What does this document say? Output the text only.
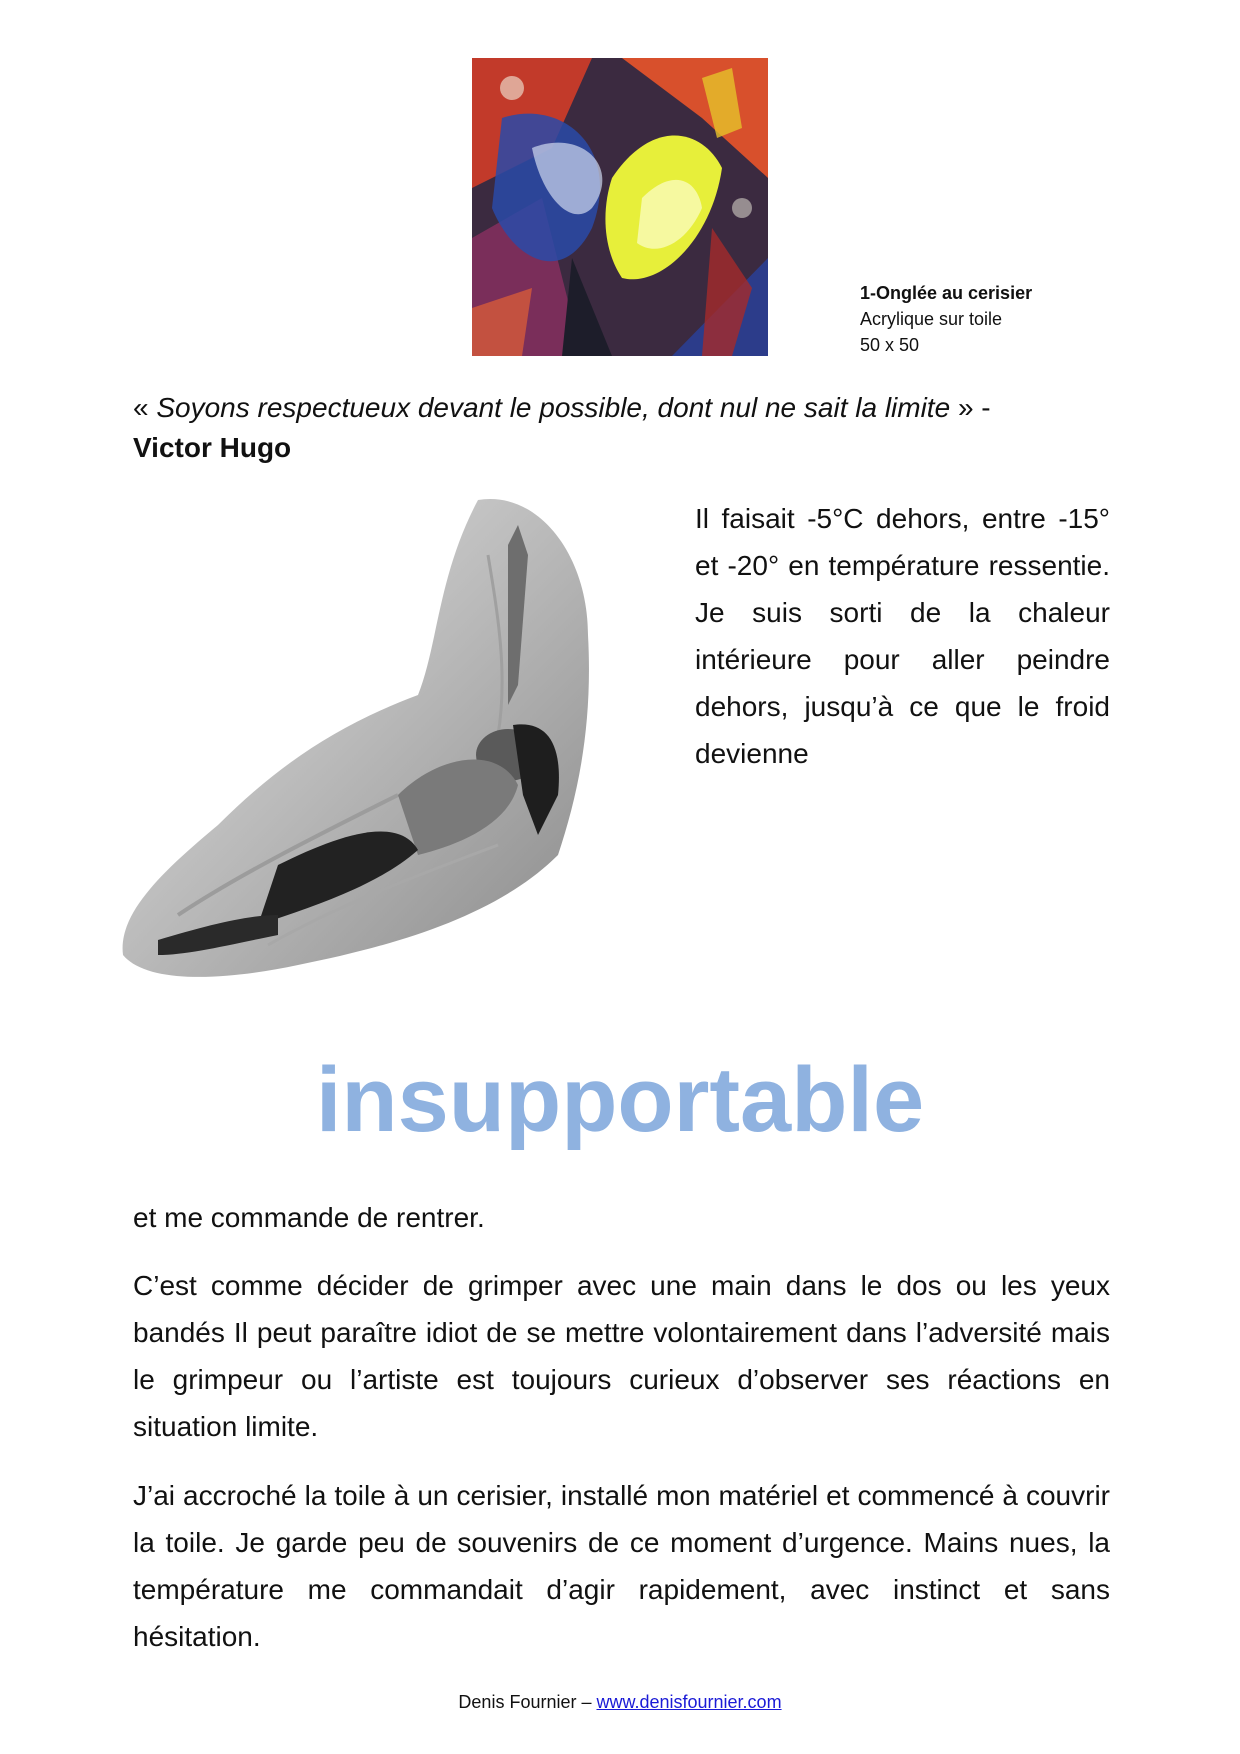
1-Onglée au cerisier
Acrylique sur toile
50 x 50
« Soyons respectueux devant le possible, dont nul ne sait la limite » -
Victor Hugo
Il faisait -5°C dehors, entre -15° et -20° en température ressentie. Je suis sorti de la chaleur intérieure pour aller peindre dehors, jusqu’à ce que le froid devienne
insupportable

et me commande de rentrer.

C’est comme décider de grimper avec une main dans le dos ou les yeux bandés Il peut paraître idiot de se mettre volontairement dans l’adversité mais le grimpeur ou l’artiste est toujours curieux d’observer ses réactions en situation limite.

J’ai accroché la toile à un cerisier, installé mon matériel et commencé à couvrir la toile. Je garde peu de souvenirs de ce moment d’urgence. Mains nues, la température me commandait d’agir rapidement, avec instinct et sans hésitation.

Denis Fournier – www.denisfournier.com
